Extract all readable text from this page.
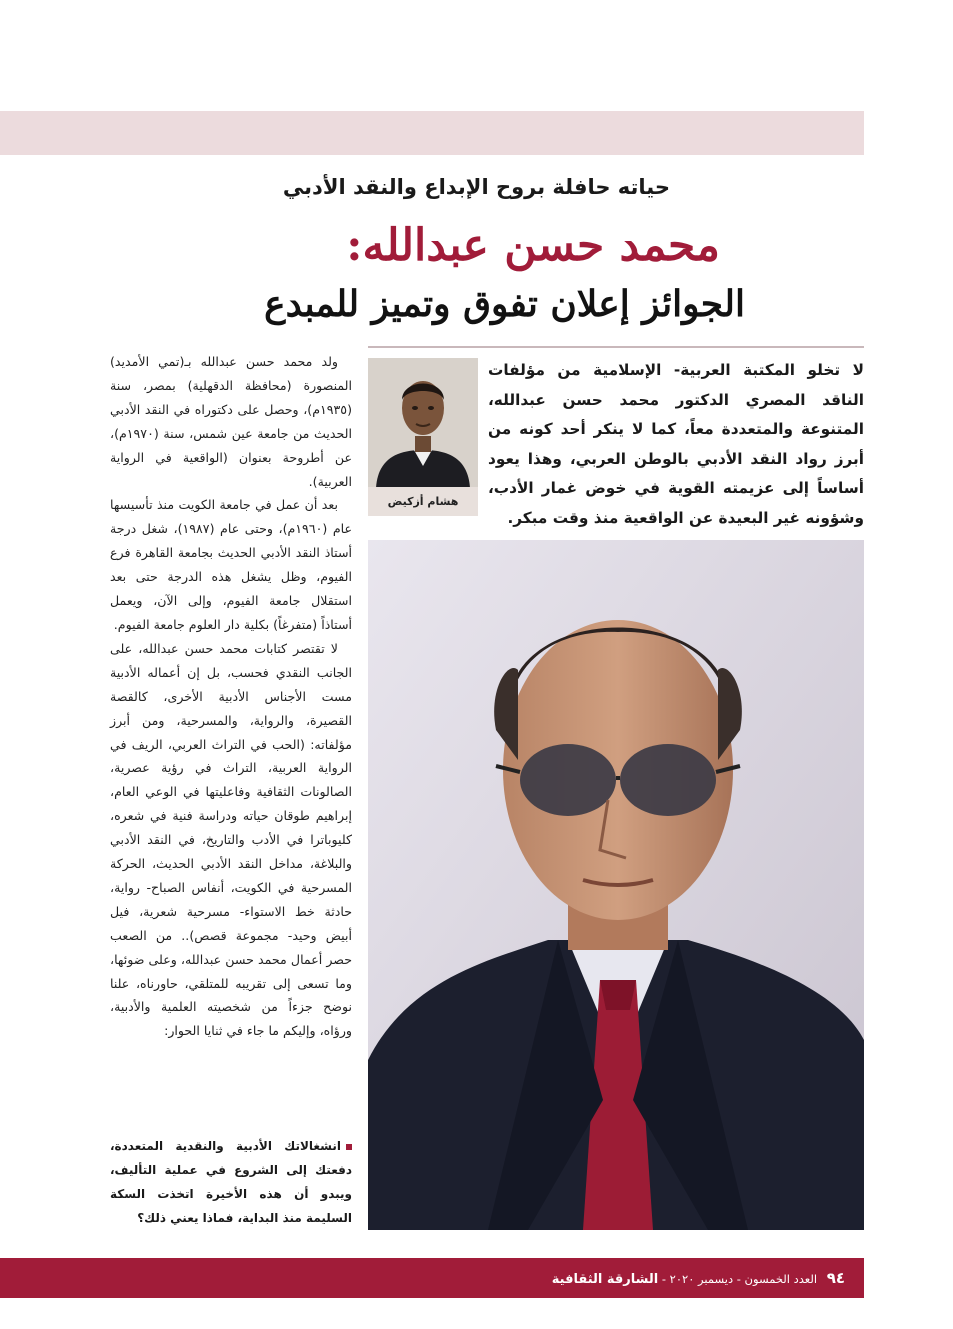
حياته حافلة بروح الإبداع والنقد الأدبي
محمد حسن عبدالله:
الجوائز إعلان تفوق وتميز للمبدع
لا تخلو المكتبة العربية- الإسلامية من مؤلفات الناقد المصري الدكتور محمد حسن عبدالله، المتنوعة والمتعددة معاً، كما لا ينكر أحد كونه من أبرز رواد النقد الأدبي بالوطن العربي، وهذا يعود أساساً إلى عزيمته القوية في خوض غمار الأدب، وشؤونه غير البعيدة عن الواقعية منذ وقت مبكر.
هشام أزكيض

ولد محمد حسن عبدالله بـ(تمي الأمديد) المنصورة (محافظة الدقهلية) بمصر، سنة (١٩٣٥م)، وحصل على دكتوراه في النقد الأدبي الحديث من جامعة عين شمس، سنة (١٩٧٠م)، عن أطروحة بعنوان (الواقعية في الرواية العربية).

بعد أن عمل في جامعة الكويت منذ تأسيسها عام (١٩٦٠م)، وحتى عام (١٩٨٧)، شغل درجة أستاذ النقد الأدبي الحديث بجامعة القاهرة فرع الفيوم، وظل يشغل هذه الدرجة حتى بعد استقلال جامعة الفيوم، وإلى الآن، ويعمل أستاذاً (متفرغاً) بكلية دار العلوم جامعة الفيوم.

لا تقتصر كتابات محمد حسن عبدالله، على الجانب النقدي فحسب، بل إن أعماله الأدبية مست الأجناس الأدبية الأخرى، كالقصة القصيرة، والرواية، والمسرحية، ومن أبرز مؤلفاته: (الحب في التراث العربي، الريف في الرواية العربية، التراث في رؤية عصرية، الصالونات الثقافية وفاعليتها في الوعي العام، إبراهيم طوقان حياته ودراسة فنية في شعره، كليوباترا في الأدب والتاريخ، في النقد الأدبي والبلاغة، مداخل النقد الأدبي الحديث، الحركة المسرحية في الكويت، أنفاس الصباح- رواية، حادثة خط الاستواء- مسرحية شعرية، فيل أبيض وحيد- مجموعة قصص).. من الصعب حصر أعمال محمد حسن عبدالله، وعلى ضوئها، وما تسعى إلى تقريبه للمتلقي، حاورناه، علنا نوضح جزءاً من شخصيته العلمية والأدبية، ورؤاه، وإليكم ما جاء في ثنايا الحوار:

انشغالاتك الأدبية والنقدية المتعددة، دفعتك إلى الشروع في عملية التأليف، ويبدو أن هذه الأخيرة اتخذت السكة السليمة منذ البداية، فماذا يعني ذلك؟
٩٤ العدد الخمسون - ديسمبر ٢٠٢٠ - الشارقة الثقافية
